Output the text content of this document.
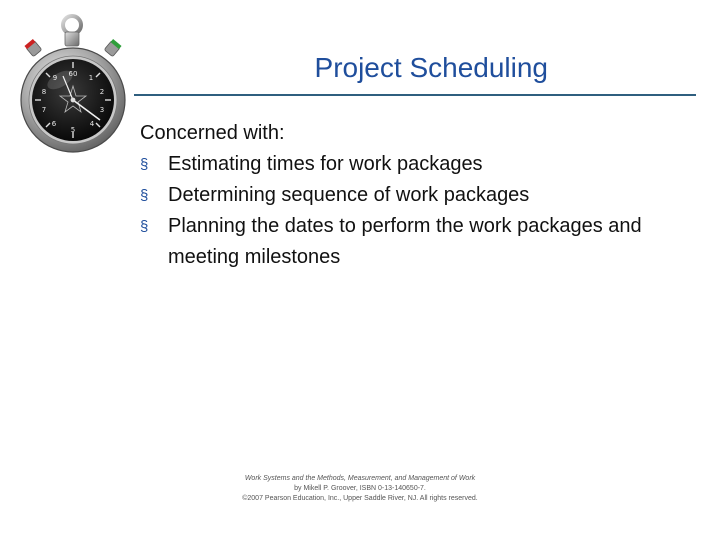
60 1
2
3
4
5
6
7
8
9	Project Scheduling
Concerned with:
§ Estimating times for work packages
§ Determining sequence of work packages
§ Planning the dates to perform the work packages and meeting milestones
Work Systems and the Methods, Measurement, and Management of Work
by Mikell P. Groover, ISBN 0-13-140650-7.
©2007 Pearson Education, Inc., Upper Saddle River, NJ. All rights reserved.
